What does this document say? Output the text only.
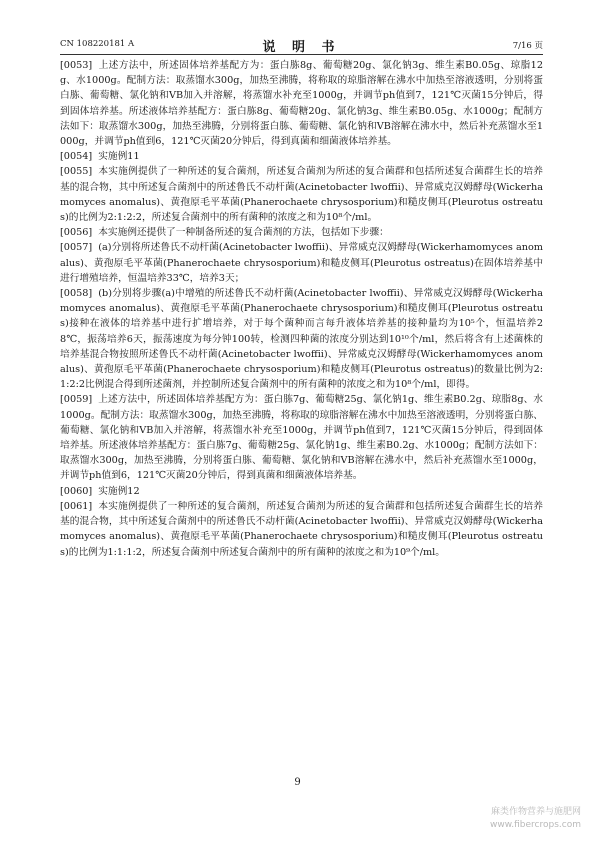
CN 108220181 A	说 明 书	7/16 页

[0053] 上述方法中，所述固体培养基配方为：蛋白胨8g、葡萄糖20g、氯化钠3g、维生素B0.05g、琼脂12g、水1000g。配制方法：取蒸馏水300g，加热至沸腾，将称取的琼脂溶解在沸水中加热至溶液透明，分别将蛋白胨、葡萄糖、氯化钠和VB加入并溶解，将蒸馏水补充至1000g，并调节ph值到7，121℃灭菌15分钟后，得到固体培养基。所述液体培养基配方：蛋白胨8g、葡萄糖20g、氯化钠3g、维生素B0.05g、水1000g；配制方法如下：取蒸馏水300g，加热至沸腾，分别将蛋白胨、葡萄糖、氯化钠和VB溶解在沸水中，然后补充蒸馏水至1000g，并调节ph值到6，121℃灭菌20分钟后，得到真菌和细菌液体培养基。

[0054] 实施例11

[0055] 本实施例提供了一种所述的复合菌剂，所述复合菌剂为所述的复合菌群和包括所述复合菌群生长的培养基的混合物，其中所述复合菌剂中的所述鲁氏不动杆菌(Acinetobacter lwoffii)、异常威克汉姆酵母(Wickerhamomyces anomalus)、黄孢原毛平革菌(Phanerochaete chrysosporium)和糙皮侧耳(Pleurotus ostreatus)的比例为2:1:2:2，所述复合菌剂中的所有菌种的浓度之和为10⁸个/ml。

[0056] 本实施例还提供了一种制备所述的复合菌剂的方法，包括如下步骤：

[0057] (a)分别将所述鲁氏不动杆菌(Acinetobacter lwoffii)、异常威克汉姆酵母(Wickerhamomyces anomalus)、黄孢原毛平革菌(Phanerochaete chrysosporium)和糙皮侧耳(Pleurotus ostreatus)在固体培养基中进行增殖培养，恒温培养33℃，培养3天；

[0058] (b)分别将步骤(a)中增殖的所述鲁氏不动杆菌(Acinetobacter lwoffii)、异常威克汉姆酵母(Wickerhamomyces anomalus)、黄孢原毛平革菌(Phanerochaete chrysosporium)和糙皮侧耳(Pleurotus ostreatus)接种在液体的培养基中进行扩增培养，对于每个菌种而言每升液体培养基的接种量均为10⁵个，恒温培养28℃，振荡培养6天，振荡速度为每分钟100转，检测四种菌的浓度分别达到10¹⁰个/ml，然后将含有上述菌株的培养基混合物按照所述鲁氏不动杆菌(Acinetobacter lwoffii)、异常威克汉姆酵母(Wickerhamomyces anomalus)、黄孢原毛平革菌(Phanerochaete chrysosporium)和糙皮侧耳(Pleurotus ostreatus)的数量比例为2:1:2:2比例混合得到所述菌剂，并控制所述复合菌剂中的所有菌种的浓度之和为10⁸个/ml，即得。

[0059] 上述方法中，所述固体培养基配方为：蛋白胨7g、葡萄糖25g、氯化钠1g、维生素B0.2g、琼脂8g、水1000g。配制方法：取蒸馏水300g，加热至沸腾，将称取的琼脂溶解在沸水中加热至溶液透明，分别将蛋白胨、葡萄糖、氯化钠和VB加入并溶解，将蒸馏水补充至1000g，并调节ph值到7，121℃灭菌15分钟后，得到固体培养基。所述液体培养基配方：蛋白胨7g、葡萄糖25g、氯化钠1g、维生素B0.2g、水1000g；配制方法如下：取蒸馏水300g，加热至沸腾，分别将蛋白胨、葡萄糖、氯化钠和VB溶解在沸水中，然后补充蒸馏水至1000g，并调节ph值到6，121℃灭菌20分钟后，得到真菌和细菌液体培养基。

[0060] 实施例12

[0061] 本实施例提供了一种所述的复合菌剂，所述复合菌剂为所述的复合菌群和包括所述复合菌群生长的培养基的混合物，其中所述复合菌剂中的所述鲁氏不动杆菌(Acinetobacter lwoffii)、异常威克汉姆酵母(Wickerhamomyces anomalus)、黄孢原毛平革菌(Phanerochaete chrysosporium)和糙皮侧耳(Pleurotus ostreatus)的比例为1:1:1:2，所述复合菌剂中所述复合菌剂中的所有菌种的浓度之和为10⁹个/ml。

9
麻类作物营养与施肥网
www.fibercrops.com
